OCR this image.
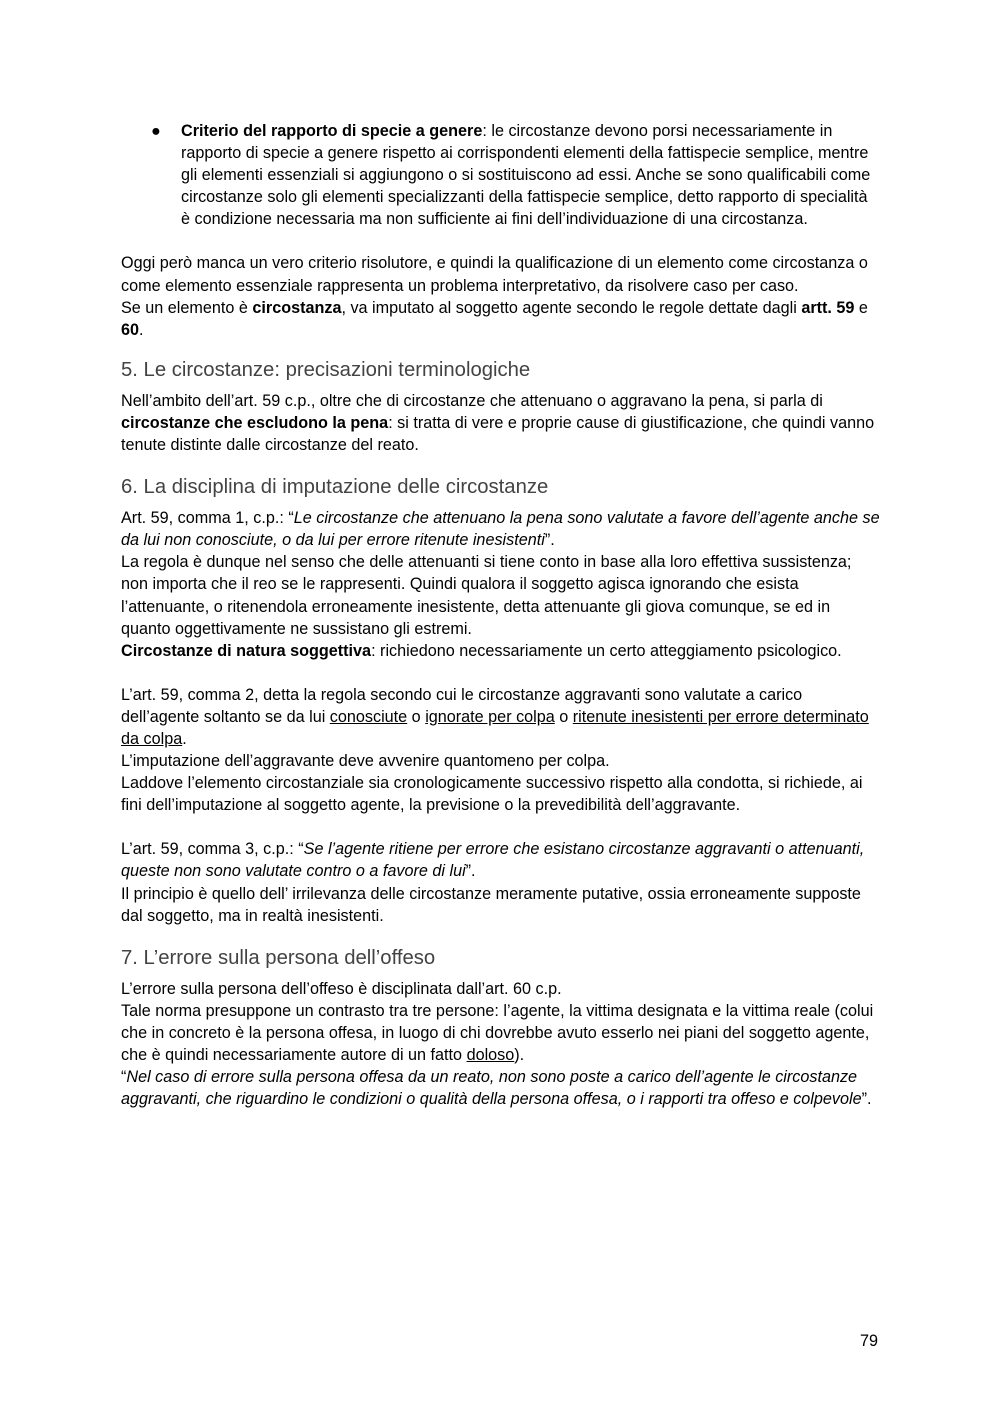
● Criterio del rapporto di specie a genere: le circostanze devono porsi necessariamente in rapporto di specie a genere rispetto ai corrispondenti elementi della fattispecie semplice, mentre gli elementi essenziali si aggiungono o si sostituiscono ad essi. Anche se sono qualificabili come circostanze solo gli elementi specializzanti della fattispecie semplice, detto rapporto di specialità è condizione necessaria ma non sufficiente ai fini dell’individuazione di una circostanza.

Oggi però manca un vero criterio risolutore, e quindi la qualificazione di un elemento come circostanza o come elemento essenziale rappresenta un problema interpretativo, da risolvere caso per caso.

Se un elemento è circostanza, va imputato al soggetto agente secondo le regole dettate dagli artt. 59 e 60.

5. Le circostanze: precisazioni terminologiche

Nell’ambito dell’art. 59 c.p., oltre che di circostanze che attenuano o aggravano la pena, si parla di circostanze che escludono la pena: si tratta di vere e proprie cause di giustificazione, che quindi vanno tenute distinte dalle circostanze del reato.

6. La disciplina di imputazione delle circostanze

Art. 59, comma 1, c.p.: “Le circostanze che attenuano la pena sono valutate a favore dell’agente anche se da lui non conosciute, o da lui per errore ritenute inesistenti”.

La regola è dunque nel senso che delle attenuanti si tiene conto in base alla loro effettiva sussistenza; non importa che il reo se le rappresenti. Quindi qualora il soggetto agisca ignorando che esista l’attenuante, o ritenendola erroneamente inesistente, detta attenuante gli giova comunque, se ed in quanto oggettivamente ne sussistano gli estremi.

Circostanze di natura soggettiva: richiedono necessariamente un certo atteggiamento psicologico.

L’art. 59, comma 2, detta la regola secondo cui le circostanze aggravanti sono valutate a carico dell’agente soltanto se da lui conosciute o ignorate per colpa o ritenute inesistenti per errore determinato da colpa.

L’imputazione dell’aggravante deve avvenire quantomeno per colpa.

Laddove l’elemento circostanziale sia cronologicamente successivo rispetto alla condotta, si richiede, ai fini dell’imputazione al soggetto agente, la previsione o la prevedibilità dell’aggravante.

L’art. 59, comma 3, c.p.: “Se l’agente ritiene per errore che esistano circostanze aggravanti o attenuanti, queste non sono valutate contro o a favore di lui”.

Il principio è quello dell’ irrilevanza delle circostanze meramente putative, ossia erroneamente supposte dal soggetto, ma in realtà inesistenti.

7. L’errore sulla persona dell’offeso

L’errore sulla persona dell’offeso è disciplinata dall’art. 60 c.p.

Tale norma presuppone un contrasto tra tre persone: l’agente, la vittima designata e la vittima reale (colui che in concreto è la persona offesa, in luogo di chi dovrebbe avuto esserlo nei piani del soggetto agente, che è quindi necessariamente autore di un fatto doloso).

“Nel caso di errore sulla persona offesa da un reato, non sono poste a carico dell’agente le circostanze aggravanti, che riguardino le condizioni o qualità della persona offesa, o i rapporti tra offeso e colpevole”.

79
